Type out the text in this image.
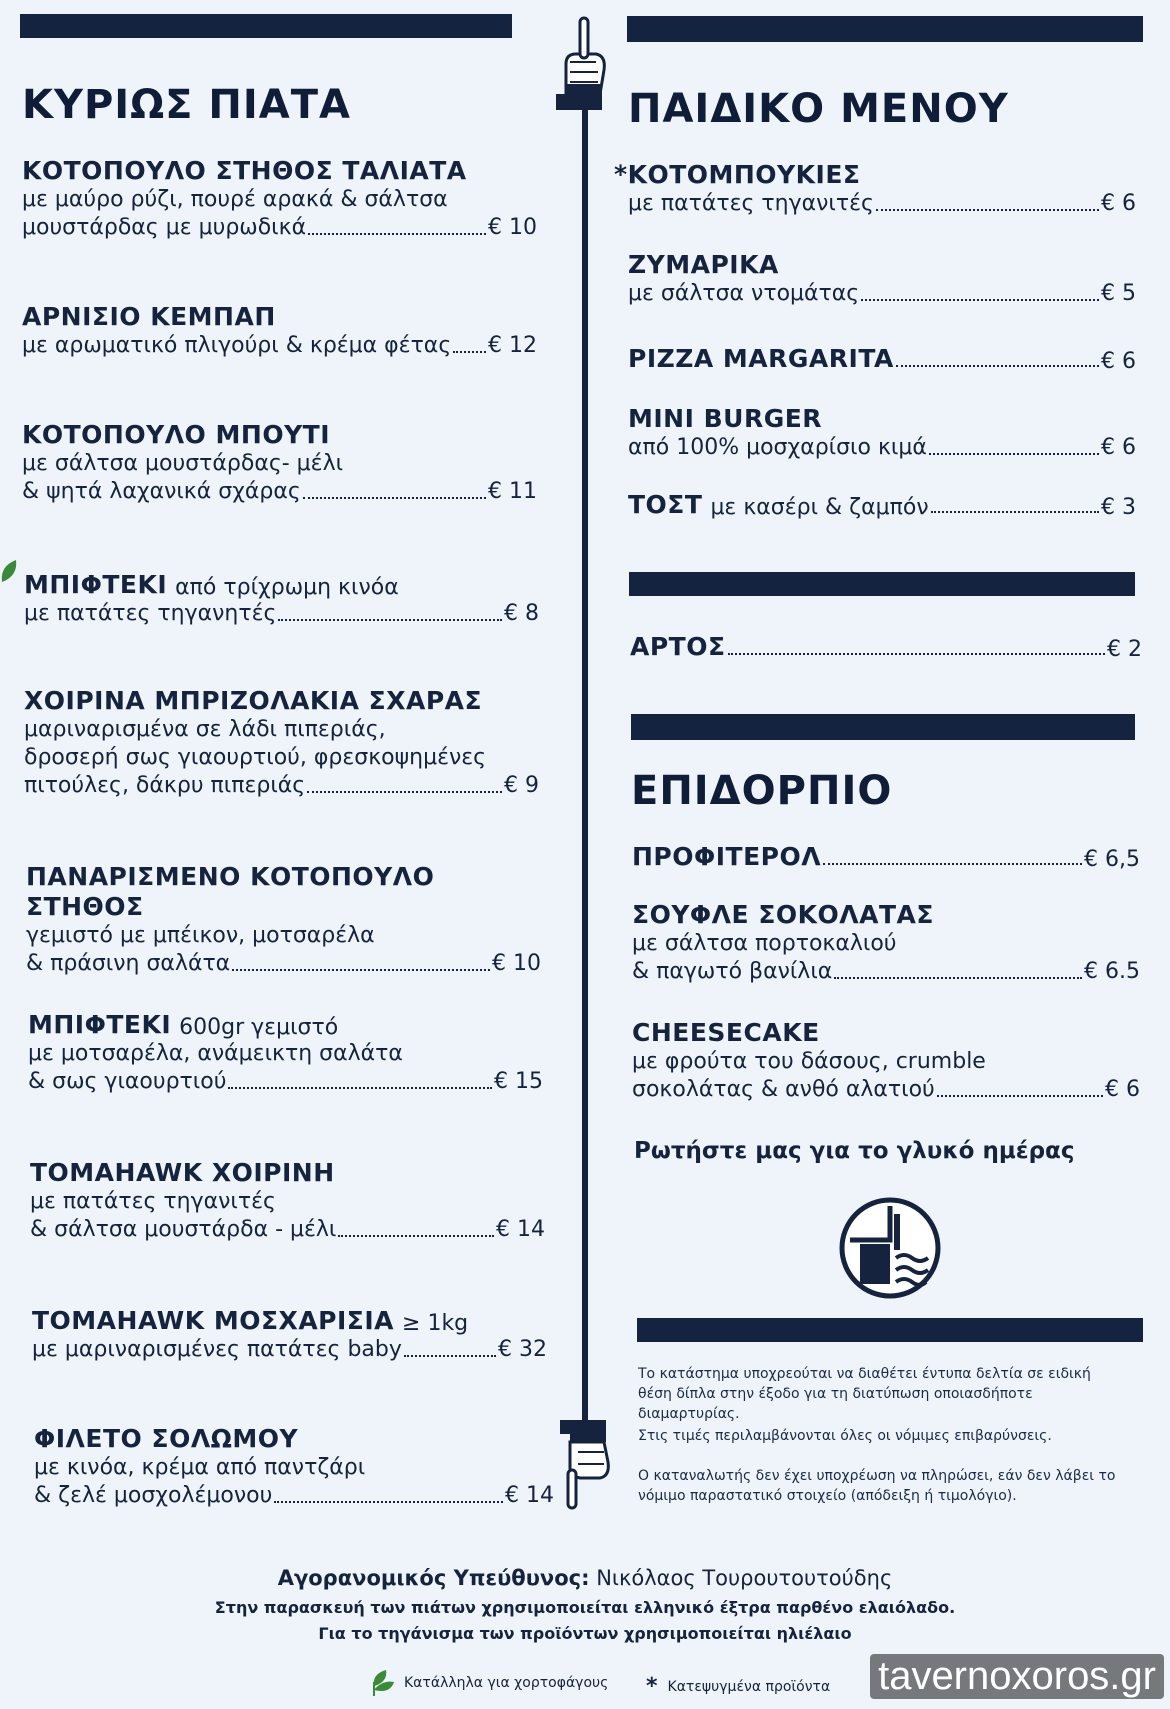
ΚΥΡΙΩΣ ΠΙΑΤΑ
ΚΟΤΟΠΟΥΛΟ ΣΤΗΘΟΣ ΤΑΛΙΑΤΑ
με μαύρο ρύζι, πουρέ αρακά & σάλτσα
μουστάρδας με μυρωδικά	€ 10
ΑΡΝΙΣΙΟ ΚΕΜΠΑΠ
με αρωματικό πλιγούρι & κρέμα φέτας € 12
ΚΟΤΟΠΟΥΛΟ ΜΠΟΥΤΙ
με σάλτσα μουστάρδας- μέλι
& ψητά λαχανικά σχάρας	€ 11
ΜΠΙΦΤΕΚΙ από τρίχρωμη κινόα
με πατάτες τηγανητές	€ 8
ΧΟΙΡΙΝΑ ΜΠΡΙΖΟΛΑΚΙΑ ΣΧΑΡΑΣ
μαριναρισμένα σε λάδι πιπεριάς,
δροσερή σως γιαουρτιού, φρεσκοψημένες
πιτούλες, δάκρυ πιπεριάς	€ 9
ΠΑΝΑΡΙΣΜΕΝΟ ΚΟΤΟΠΟΥΛΟ ΣΤΗΘΟΣ
γεμιστό με μπέικον, μοτσαρέλα
& πράσινη σαλάτα	€ 10
ΜΠΙΦΤΕΚΙ 600gr γεμιστό
με μοτσαρέλα, ανάμεικτη σαλάτα
& σως γιαουρτιού	€ 15
TOMAHAWK ΧΟΙΡΙΝΗ
με πατάτες τηγανιτές
& σάλτσα μουστάρδα - μέλι	€ 14
TOMAHAWK ΜΟΣΧΑΡΙΣΙΑ ≥ 1kg
με μαριναρισμένες πατάτες baby	€ 32
ΦΙΛΕΤΟ ΣΟΛΩΜΟΥ
με κινόα, κρέμα από παντζάρι
& ζελέ μοσχολέμονου	€ 14
ΠΑΙΔΙΚΟ ΜΕΝΟΥ
* ΚΟΤΟΜΠΟΥΚΙΕΣ
με πατάτες τηγανιτές	€ 6
ΖΥΜΑΡΙΚΑ
με σάλτσα ντομάτας	€ 5
PIZZA MARGARITA	€ 6
MINI BURGER
από 100% μοσχαρίσιο κιμά	€ 6
ΤΟΣΤ με κασέρι & ζαμπόν	€ 3
ΑΡΤΟΣ	€ 2
ΕΠΙΔΟΡΠΙΟ
ΠΡΟΦΙΤΕΡΟΛ	€ 6,5
ΣΟΥΦΛΕ ΣΟΚΟΛΑΤΑΣ
με σάλτσα πορτοκαλιού
& παγωτό βανίλια	€ 6.5
CHEESECAKE
με φρούτα του δάσους, crumble
σοκολάτας & ανθό αλατιού	€ 6
Ρωτήστε μας για το γλυκό ημέρας
Το κατάστημα υποχρεούται να διαθέτει έντυπα δελτία σε ειδική θέση δίπλα στην έξοδο για τη διατύπωση οποιασδήποτε διαμαρτυρίας.
Στις τιμές περιλαμβάνονται όλες οι νόμιμες επιβαρύνσεις.
Ο καταναλωτής δεν έχει υποχρέωση να πληρώσει, εάν δεν λάβει το νόμιμο παραστατικό στοιχείο (απόδειξη ή τιμολόγιο).
Αγορανομικός Υπεύθυνος: Νικόλαος Τουρουτουτούδης
Στην παρασκευή των πιάτων χρησιμοποιείται ελληνικό έξτρα παρθένο ελαιόλαδο.
Για το τηγάνισμα των προϊόντων χρησιμοποιείται ηλιέλαιο
Κατάλληλα για χορτοφάγους * Κατεψυγμένα προϊόντα tavernoxoros.gr
